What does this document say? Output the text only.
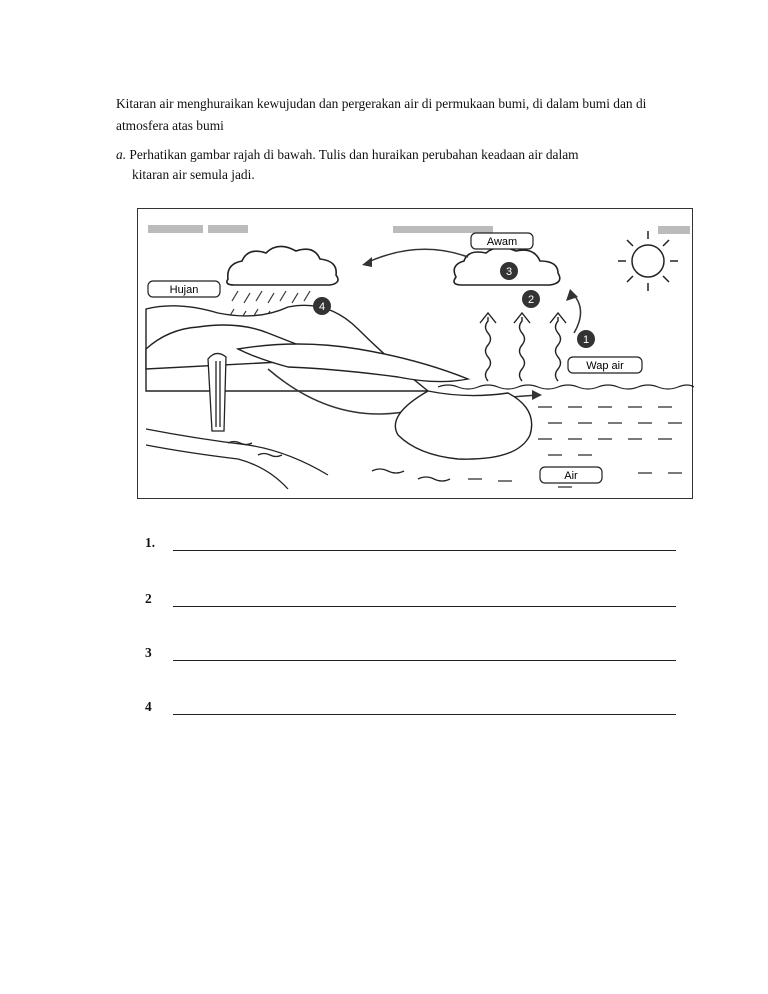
Kitaran air menghuraikan kewujudan dan pergerakan air di permukaan bumi, di dalam bumi dan di atmosfera atas bumi
a. Perhatikan gambar rajah di bawah. Tulis dan huraikan perubahan keadaan air dalam
kitaran air semula jadi.
Awam
Hujan
Wap air
Air
1
2
3
4
1.
2
3
4
